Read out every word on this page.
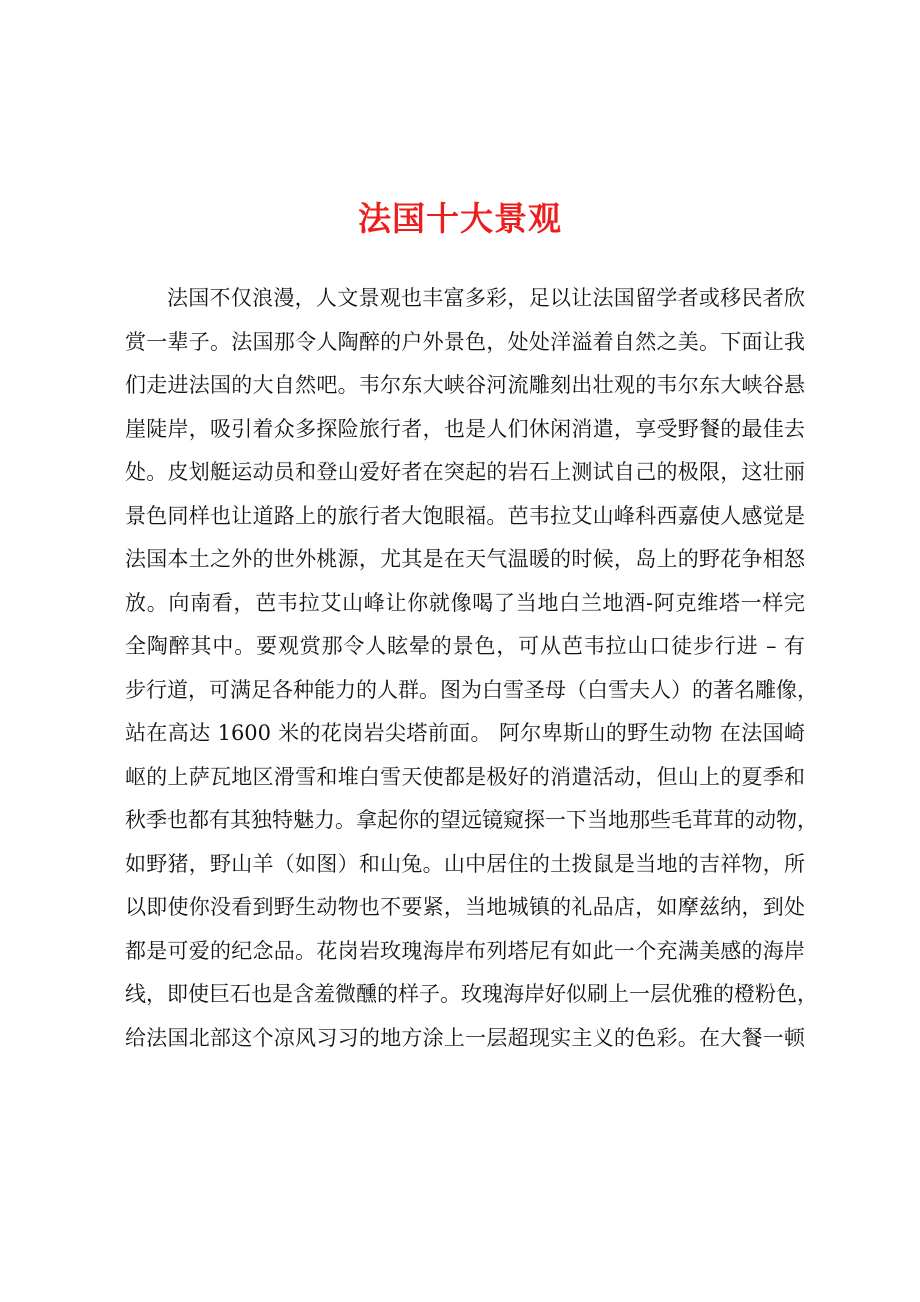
法国十大景观
法国不仅浪漫，人文景观也丰富多彩，足以让法国留学者或移民者欣
赏一辈子。法国那令人陶醉的户外景色，处处洋溢着自然之美。下面让我
们走进法国的大自然吧。韦尔东大峡谷河流雕刻出壮观的韦尔东大峡谷悬
崖陡岸，吸引着众多探险旅行者，也是人们休闲消遣，享受野餐的最佳去
处。皮划艇运动员和登山爱好者在突起的岩石上测试自己的极限，这壮丽
景色同样也让道路上的旅行者大饱眼福。芭韦拉艾山峰科西嘉使人感觉是
法国本土之外的世外桃源，尤其是在天气温暖的时候，岛上的野花争相怒
放。向南看，芭韦拉艾山峰让你就像喝了当地白兰地酒-阿克维塔一样完
全陶醉其中。要观赏那令人眩晕的景色，可从芭韦拉山口徒步行进 – 有
步行道，可满足各种能力的人群。图为白雪圣母（白雪夫人）的著名雕像，
站在高达 1600 米的花岗岩尖塔前面。 阿尔卑斯山的野生动物 在法国崎
岖的上萨瓦地区滑雪和堆白雪天使都是极好的消遣活动，但山上的夏季和
秋季也都有其独特魅力。拿起你的望远镜窥探一下当地那些毛茸茸的动物，
如野猪，野山羊（如图）和山兔。山中居住的土拨鼠是当地的吉祥物，所
以即使你没看到野生动物也不要紧，当地城镇的礼品店，如摩兹纳，到处
都是可爱的纪念品。花岗岩玫瑰海岸布列塔尼有如此一个充满美感的海岸
线，即使巨石也是含羞微醺的样子。玫瑰海岸好似刷上一层优雅的橙粉色，
给法国北部这个凉风习习的地方涂上一层超现实主义的色彩。在大餐一顿
